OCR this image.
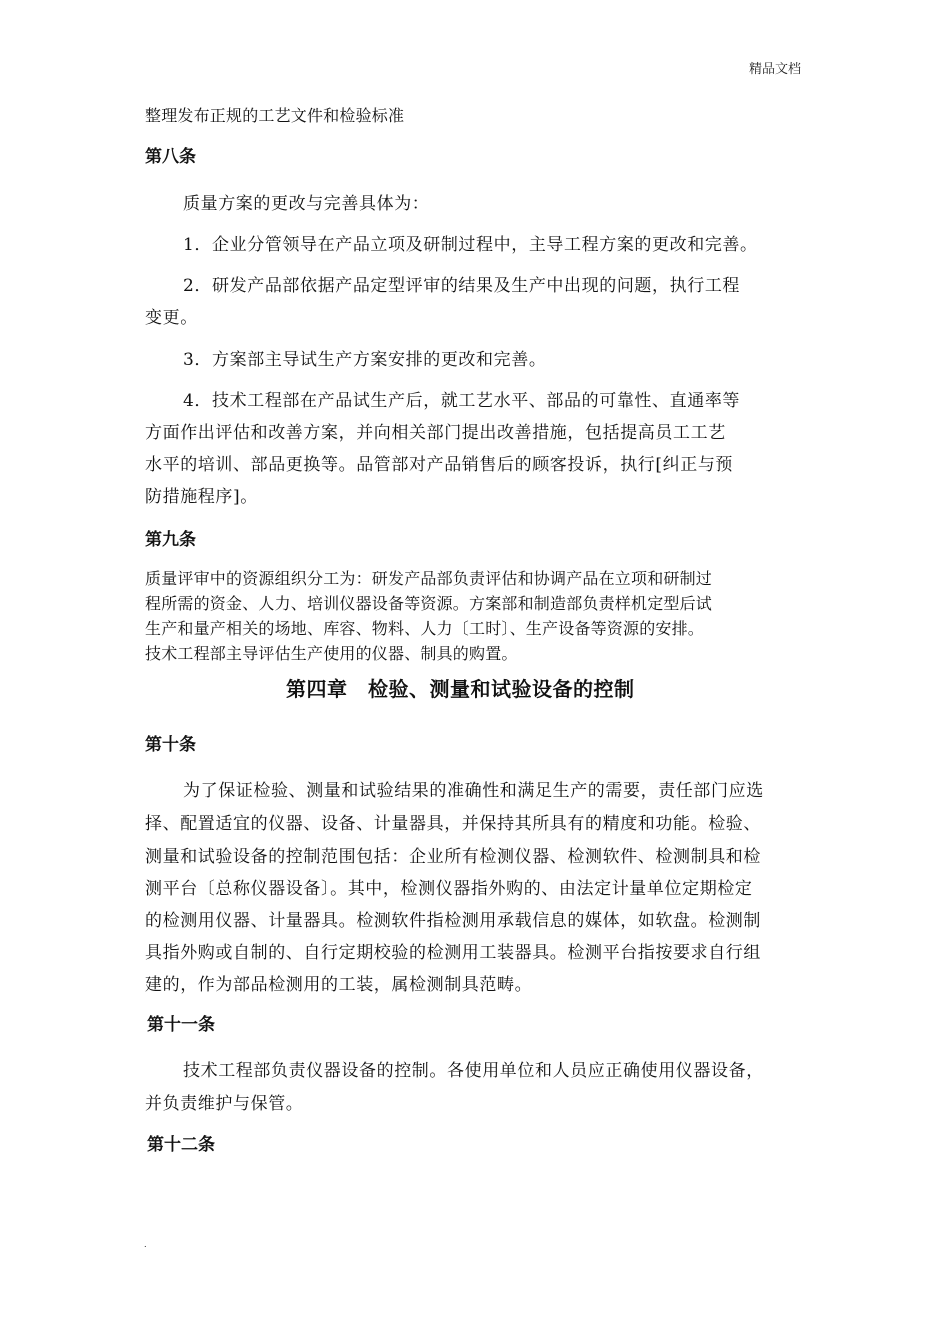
精品文档
整理发布正规的工艺文件和检验标准
第八条
质量方案的更改与完善具体为：
1．企业分管领导在产品立项及研制过程中，主导工程方案的更改和完善。
2．研发产品部依据产品定型评审的结果及生产中出现的问题，执行工程
变更。
3．方案部主导试生产方案安排的更改和完善。
4．技术工程部在产品试生产后，就工艺水平、部品的可靠性、直通率等
方面作出评估和改善方案，并向相关部门提出改善措施，包括提高员工工艺
水平的培训、部品更换等。品管部对产品销售后的顾客投诉，执行[纠正与预
防措施程序]。
第九条
质量评审中的资源组织分工为：研发产品部负责评估和协调产品在立项和研制过
程所需的资金、人力、培训仪器设备等资源。方案部和制造部负责样机定型后试
生产和量产相关的场地、库容、物料、人力〔工时〕、生产设备等资源的安排。
技术工程部主导评估生产使用的仪器、制具的购置。
第四章　检验、测量和试验设备的控制
第十条
为了保证检验、测量和试验结果的准确性和满足生产的需要，责任部门应选
择、配置适宜的仪器、设备、计量器具，并保持其所具有的精度和功能。检验、
测量和试验设备的控制范围包括：企业所有检测仪器、检测软件、检测制具和检
测平台〔总称仪器设备〕。其中，检测仪器指外购的、由法定计量单位定期检定
的检测用仪器、计量器具。检测软件指检测用承载信息的媒体，如软盘。检测制
具指外购或自制的、自行定期校验的检测用工装器具。检测平台指按要求自行组
建的，作为部品检测用的工装，属检测制具范畴。
第十一条
技术工程部负责仪器设备的控制。各使用单位和人员应正确使用仪器设备，
并负责维护与保管。
第十二条
.
